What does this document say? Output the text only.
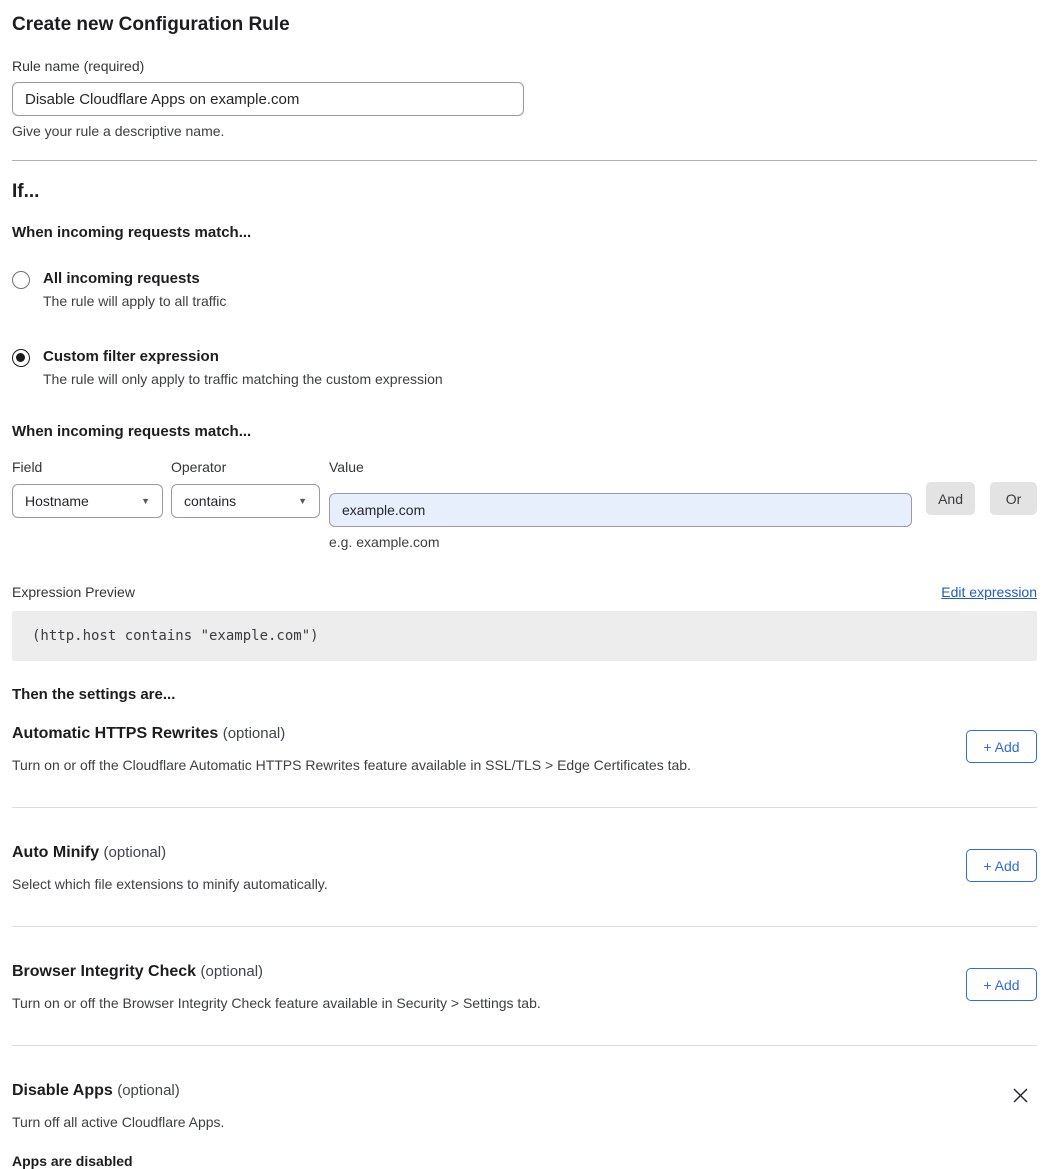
Create new Configuration Rule
Rule name (required)
Disable Cloudflare Apps on example.com
Give your rule a descriptive name.
If...
When incoming requests match...
All incoming requests
The rule will apply to all traffic
Custom filter expression
The rule will only apply to traffic matching the custom expression
When incoming requests match...
Field
Hostname	▼
Operator
contains	▼
Value
example.com
e.g. example.com
And	Or
Expression Preview	Edit expression
(http.host contains "example.com")
Then the settings are...
Automatic HTTPS Rewrites (optional)
Turn on or off the Cloudflare Automatic HTTPS Rewrites feature available in SSL/TLS > Edge Certificates tab.
+ Add
Auto Minify (optional)
Select which file extensions to minify automatically.
+ Add
Browser Integrity Check (optional)
Turn on or off the Browser Integrity Check feature available in Security > Settings tab.
+ Add
Disable Apps (optional)
Turn off all active Cloudflare Apps.
Apps are disabled
